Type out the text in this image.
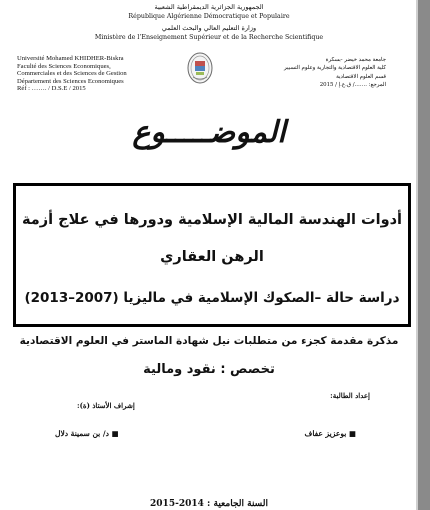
الجمهورية الجزائرية الديمقراطية الشعبية
République Algérienne Démocratique et Populaire
وزارة التعليم العالي والبحث العلمي
Ministère de l’Enseignement Supérieur et de la Recherche Scientifique
Université Mohamed KHIDHER-Biskra
Faculté des Sciences Economiques,
Commerciales et des Sciences de Gestion
Département des Sciences Economiques
Réf : ……. / D.S.E / 2015
جامعة محمد خيضر -بسكرة
كلية العلوم الاقتصادية والتجارية وعلوم التسيير
قسم العلوم الاقتصادية
المرجع: ……./ ق.ع.إ / 2015
الموضـــــوع
أدوات الهندسة المالية الإسلامية ودورها في علاج أزمة
الرهن العقاري
دراسة حالة –الصكوك الإسلامية في ماليزيا (2007–2013)
مذكرة مقدمة كجزء من متطلبات نيل شهادة الماستر في العلوم الاقتصادية
تخصص : نقود ومالية
إعداد الطالبة:
إشراف الأستاذ (ة):
■ بوعزيز عفاف
■ د/ بن سمينة دلال
السنة الجامعية : 2014-2015
